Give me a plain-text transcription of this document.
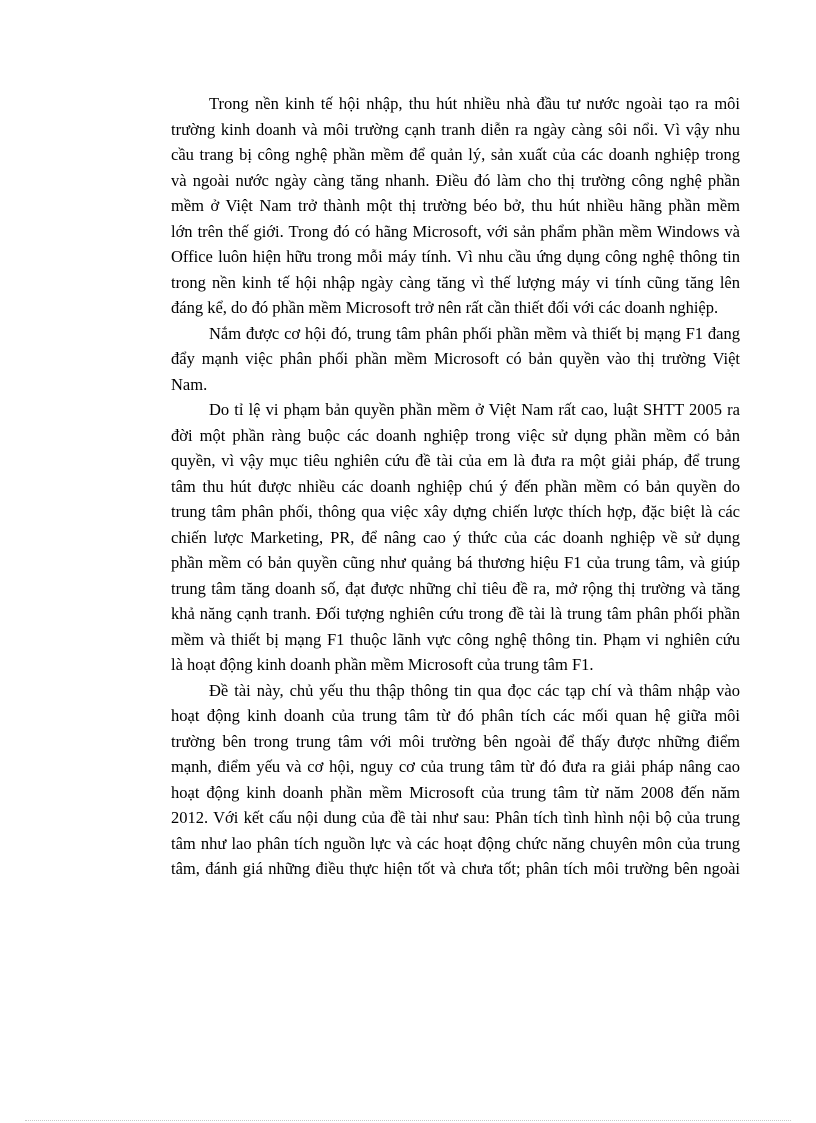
Trong nền kinh tế hội nhập, thu hút nhiều nhà đầu tư nước ngoài tạo ra môi
trường kinh doanh và môi trường cạnh tranh diễn ra ngày càng sôi nổi. Vì vậy nhu
cầu trang bị công nghệ phần mềm để quản lý, sản xuất của các doanh nghiệp trong
và ngoài nước ngày càng tăng nhanh. Điều đó làm cho thị trường công nghệ phần
mềm ở Việt Nam trở thành một thị trường béo bở, thu hút nhiều hãng phần mềm
lớn trên thế giới. Trong đó có hãng Microsoft, với sản phẩm phần mềm Windows và
Office luôn hiện hữu trong mỗi máy tính. Vì nhu cầu ứng dụng công nghệ thông tin
trong nền kinh tế hội nhập ngày càng tăng vì thế lượng máy vi tính cũng tăng lên
đáng kể, do đó phần mềm Microsoft trở nên rất cần thiết đối với các doanh nghiệp.

Nắm được cơ hội đó, trung tâm phân phối phần mềm và thiết bị mạng F1 đang
đẩy mạnh việc phân phối phần mềm Microsoft có bản quyền vào thị trường Việt
Nam.

Do tỉ lệ vi phạm bản quyền phần mềm ở Việt Nam rất cao, luật SHTT 2005 ra
đời một phần ràng buộc các doanh nghiệp trong việc sử dụng phần mềm có bản
quyền, vì vậy mục tiêu nghiên cứu đề tài của em là đưa ra một giải pháp, để trung
tâm thu hút được nhiều các doanh nghiệp chú ý đến phần mềm có bản quyền do
trung tâm phân phối, thông qua việc xây dựng chiến lược thích hợp, đặc biệt là các
chiến lược Marketing, PR, để nâng cao ý thức của các doanh nghiệp về sử dụng
phần mềm có bản quyền cũng như quảng bá thương hiệu F1 của trung tâm, và giúp
trung tâm tăng doanh số, đạt được những chỉ tiêu đề ra, mở rộng thị trường và tăng
khả năng cạnh tranh. Đối tượng nghiên cứu trong đề tài là trung tâm phân phối phần
mềm và thiết bị mạng F1 thuộc lãnh vực công nghệ thông tin. Phạm vi nghiên cứu
là hoạt động kinh doanh phần mềm Microsoft của trung tâm F1.

Đề tài này, chủ yếu thu thập thông tin qua đọc các tạp chí và thâm nhập vào
hoạt động kinh doanh của trung tâm từ đó phân tích các mối quan hệ giữa môi
trường bên trong trung tâm với môi trường bên ngoài để thấy được những điểm
mạnh, điểm yếu và cơ hội, nguy cơ của trung tâm từ đó đưa ra giải pháp nâng cao
hoạt động kinh doanh phần mềm Microsoft của trung tâm từ năm 2008 đến năm
2012. Với kết cấu nội dung của đề tài như sau: Phân tích tình hình nội bộ của trung
tâm như lao phân tích nguồn lực và các hoạt động chức năng chuyên môn của trung
tâm, đánh giá những điều thực hiện tốt và chưa tốt; phân tích môi trường bên ngoài
